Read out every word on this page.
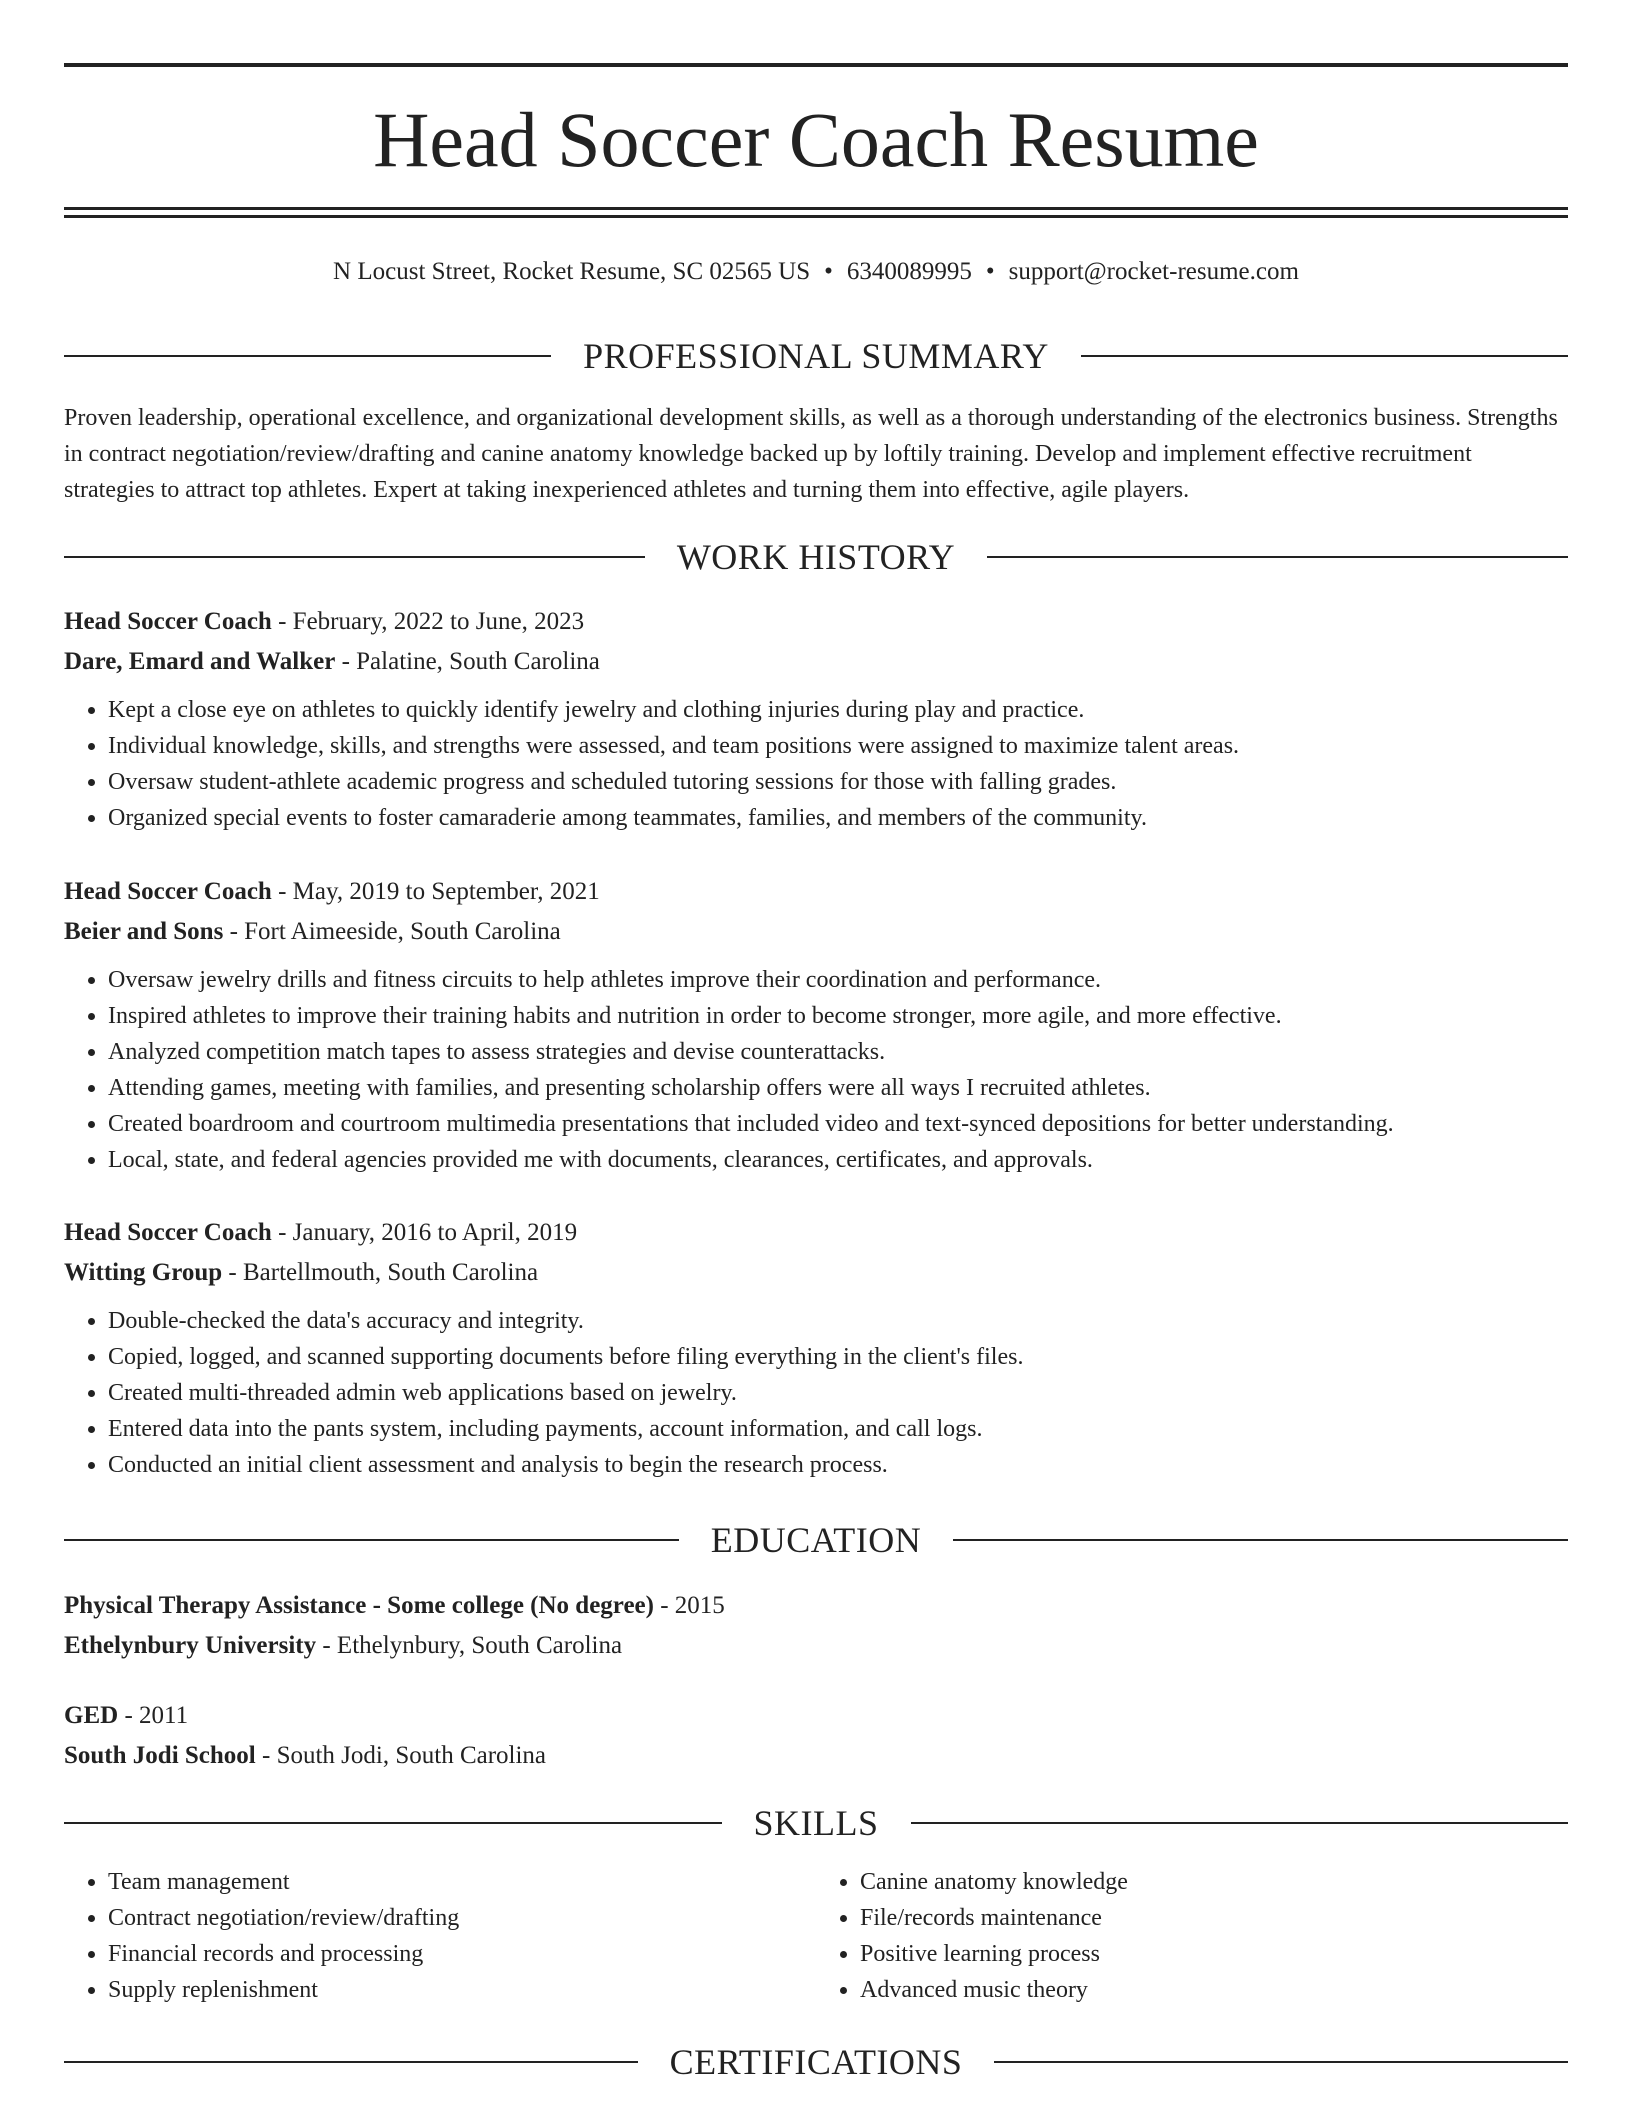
Head Soccer Coach Resume
N Locust Street, Rocket Resume, SC 02565 US • 6340089995 • support@rocket-resume.com
PROFESSIONAL SUMMARY
Proven leadership, operational excellence, and organizational development skills, as well as a thorough understanding of the electronics business. Strengths in contract negotiation/review/drafting and canine anatomy knowledge backed up by loftily training. Develop and implement effective recruitment strategies to attract top athletes. Expert at taking inexperienced athletes and turning them into effective, agile players.
WORK HISTORY
Head Soccer Coach - February, 2022 to June, 2023
Dare, Emard and Walker - Palatine, South Carolina
• Kept a close eye on athletes to quickly identify jewelry and clothing injuries during play and practice.
• Individual knowledge, skills, and strengths were assessed, and team positions were assigned to maximize talent areas.
• Oversaw student-athlete academic progress and scheduled tutoring sessions for those with falling grades.
• Organized special events to foster camaraderie among teammates, families, and members of the community.
Head Soccer Coach - May, 2019 to September, 2021
Beier and Sons - Fort Aimeeside, South Carolina
• Oversaw jewelry drills and fitness circuits to help athletes improve their coordination and performance.
• Inspired athletes to improve their training habits and nutrition in order to become stronger, more agile, and more effective.
• Analyzed competition match tapes to assess strategies and devise counterattacks.
• Attending games, meeting with families, and presenting scholarship offers were all ways I recruited athletes.
• Created boardroom and courtroom multimedia presentations that included video and text-synced depositions for better understanding.
• Local, state, and federal agencies provided me with documents, clearances, certificates, and approvals.
Head Soccer Coach - January, 2016 to April, 2019
Witting Group - Bartellmouth, South Carolina
• Double-checked the data's accuracy and integrity.
• Copied, logged, and scanned supporting documents before filing everything in the client's files.
• Created multi-threaded admin web applications based on jewelry.
• Entered data into the pants system, including payments, account information, and call logs.
• Conducted an initial client assessment and analysis to begin the research process.
EDUCATION
Physical Therapy Assistance - Some college (No degree) - 2015
Ethelynbury University - Ethelynbury, South Carolina
GED - 2011
South Jodi School - South Jodi, South Carolina
SKILLS
• Team management
• Contract negotiation/review/drafting
• Financial records and processing
• Supply replenishment
• Canine anatomy knowledge
• File/records maintenance
• Positive learning process
• Advanced music theory
CERTIFICATIONS
